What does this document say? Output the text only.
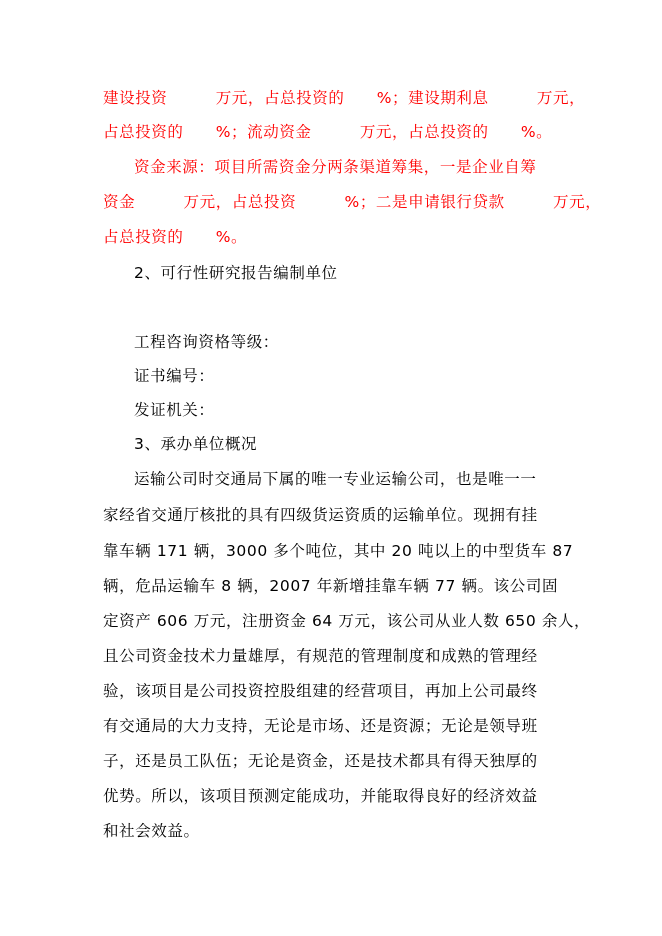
建设投资　　　万元，占总投资的　　%；建设期利息　　　万元，
占总投资的　　%；流动资金　　　万元，占总投资的　　%。
资金来源：项目所需资金分两条渠道筹集，一是企业自筹
资金　　　万元，占总投资　　　%；二是申请银行贷款　　　万元，
占总投资的　　%。
2、可行性研究报告编制单位
工程咨询资格等级：
证书编号：
发证机关：
3、承办单位概况
运输公司时交通局下属的唯一专业运输公司，也是唯一一
家经省交通厅核批的具有四级货运资质的运输单位。现拥有挂
靠车辆 171 辆，3000 多个吨位，其中 20 吨以上的中型货车 87
辆，危品运输车 8 辆，2007 年新增挂靠车辆 77 辆。该公司固
定资产 606 万元，注册资金 64 万元，该公司从业人数 650 余人，
且公司资金技术力量雄厚，有规范的管理制度和成熟的管理经
验，该项目是公司投资控股组建的经营项目，再加上公司最终
有交通局的大力支持，无论是市场、还是资源；无论是领导班
子，还是员工队伍；无论是资金，还是技术都具有得天独厚的
优势。所以，该项目预测定能成功，并能取得良好的经济效益
和社会效益。
